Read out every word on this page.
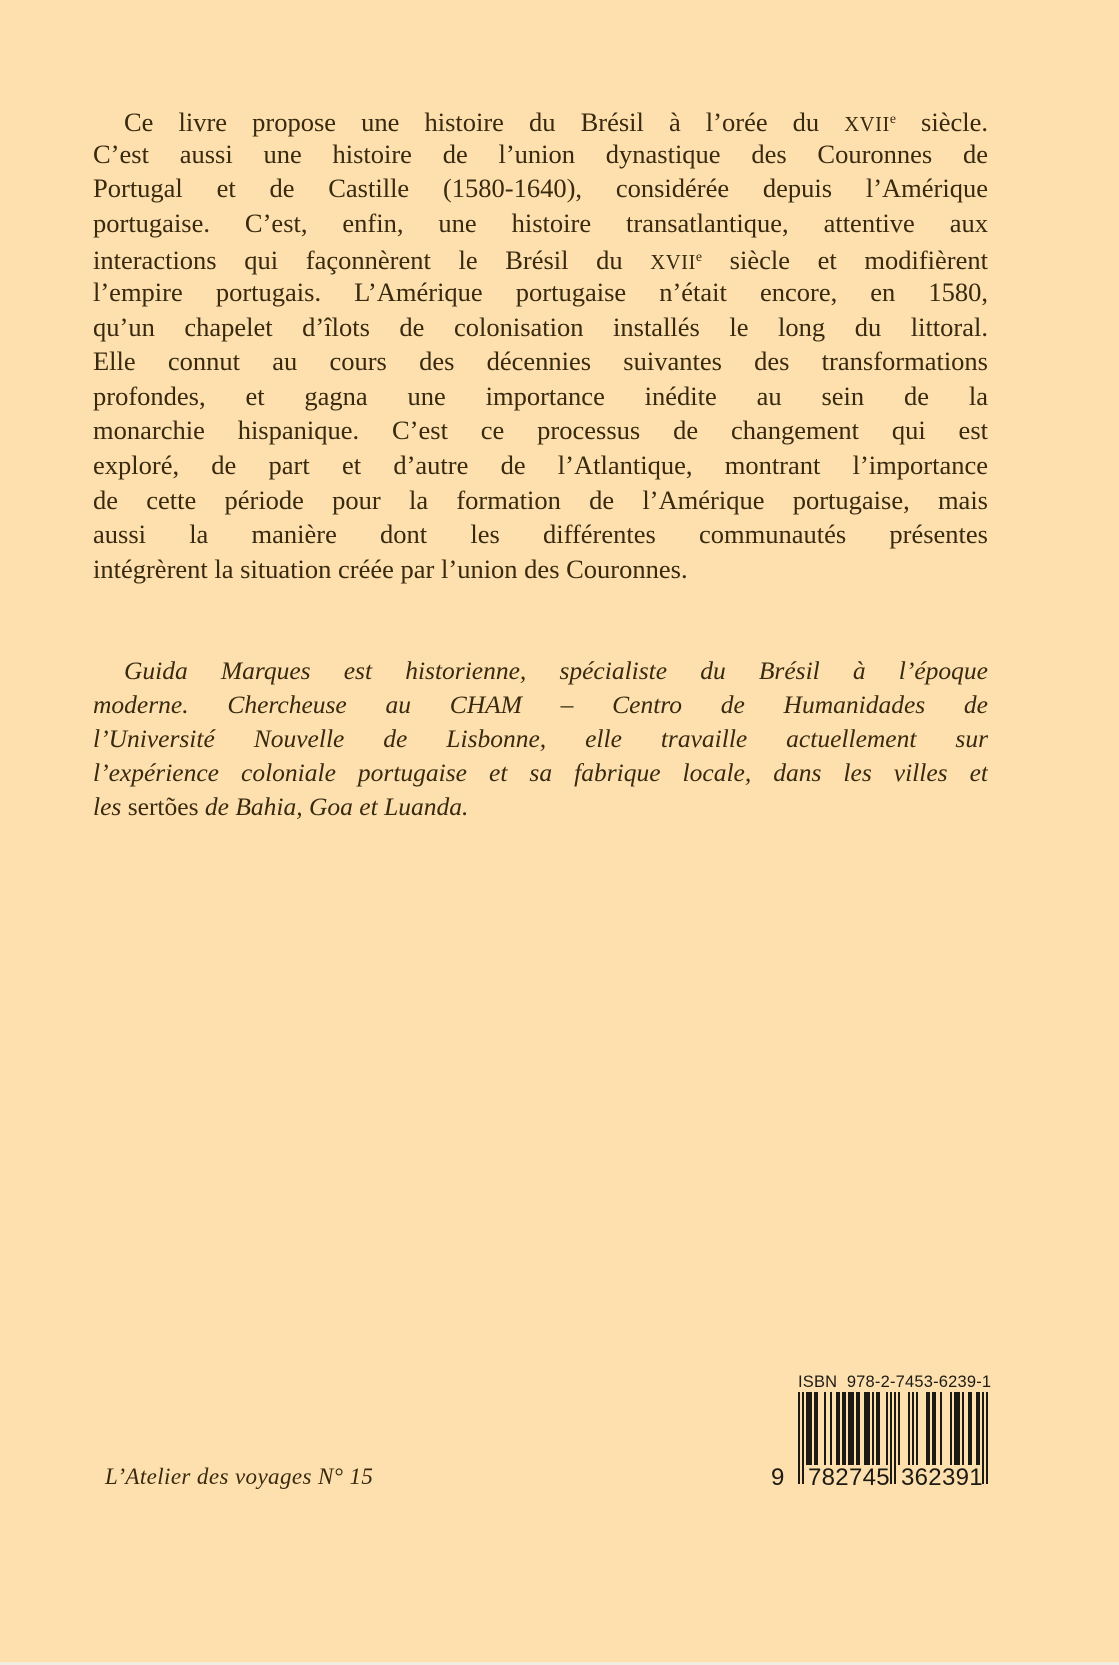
Ce livre propose une histoire du Brésil à l’orée du XVIIe siècle.
C’est aussi une histoire de l’union dynastique des Couronnes de
Portugal et de Castille (1580-1640), considérée depuis l’Amérique
portugaise. C’est, enfin, une histoire transatlantique, attentive aux
interactions qui façonnèrent le Brésil du XVIIe siècle et modifièrent
l’empire portugais. L’Amérique portugaise n’était encore, en 1580,
qu’un chapelet d’îlots de colonisation installés le long du littoral.
Elle connut au cours des décennies suivantes des transformations
profondes, et gagna une importance inédite au sein de la
monarchie hispanique. C’est ce processus de changement qui est
exploré, de part et d’autre de l’Atlantique, montrant l’importance
de cette période pour la formation de l’Amérique portugaise, mais
aussi la manière dont les différentes communautés présentes
intégrèrent la situation créée par l’union des Couronnes.
Guida Marques est historienne, spécialiste du Brésil à l’époque
moderne. Chercheuse au CHAM – Centro de Humanidades de
l’Université Nouvelle de Lisbonne, elle travaille actuellement sur
l’expérience coloniale portugaise et sa fabrique locale, dans les villes et
les sertões de Bahia, Goa et Luanda.
L’Atelier des voyages N° 15
ISBN  978-2-7453-6239-1
9 782745 362391
